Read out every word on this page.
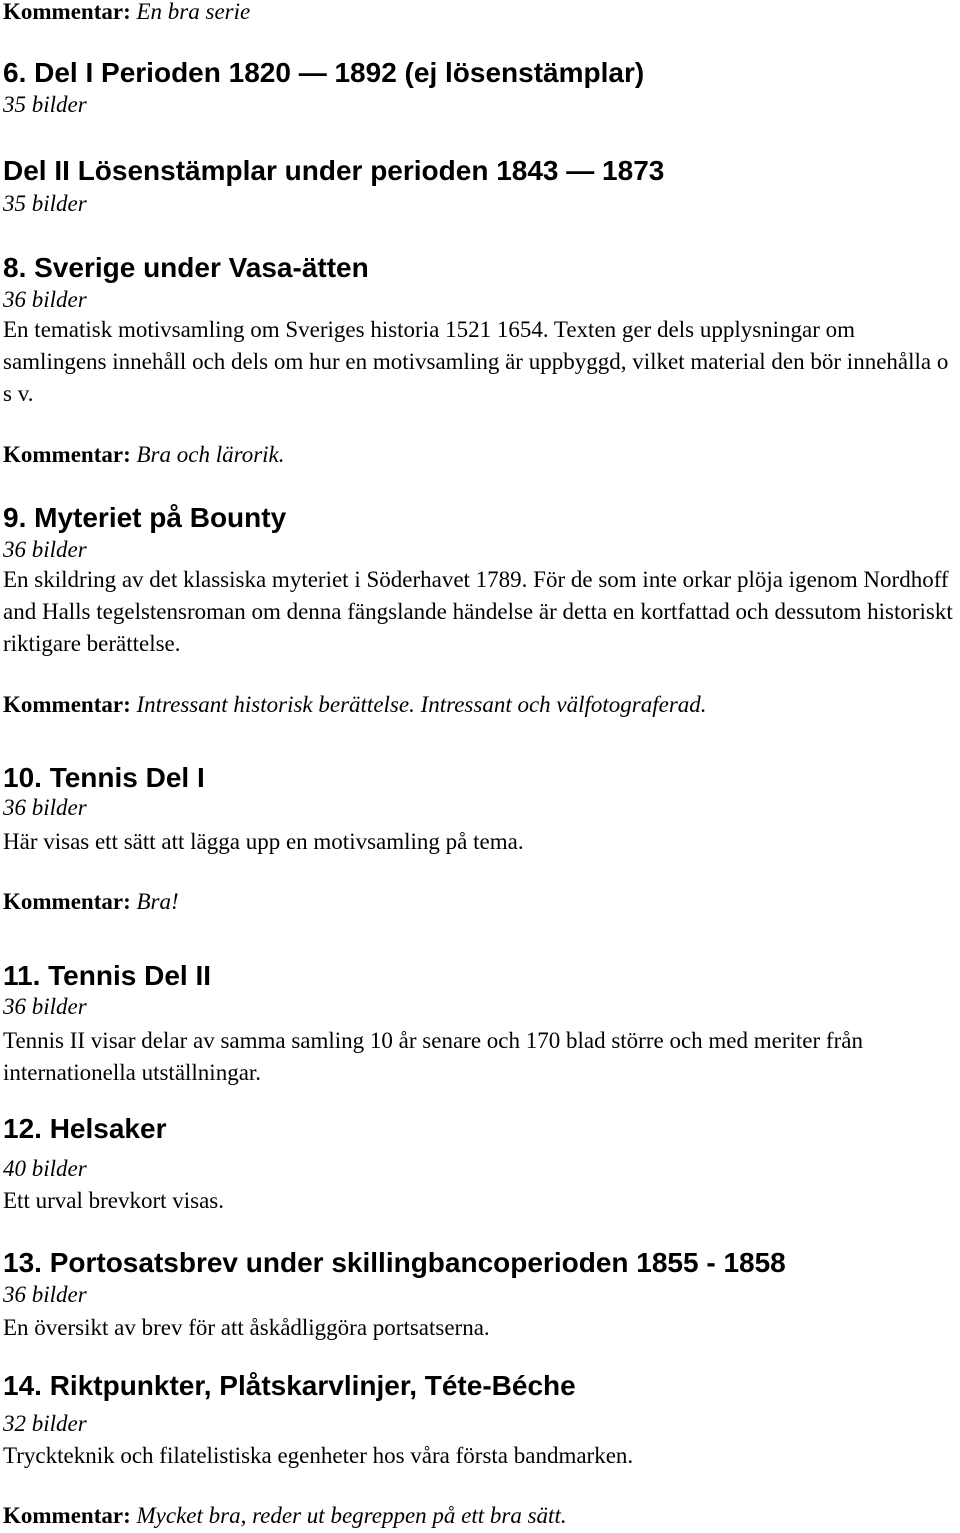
Kommentar: En bra serie
6. Del I Perioden 1820 — 1892 (ej lösenstämplar)
35 bilder
Del II Lösenstämplar under perioden 1843 — 1873
35 bilder
8. Sverige under Vasa-ätten
36 bilder
En tematisk motivsamling om Sveriges historia 1521 1654. Texten ger dels upplysningar om samlingens innehåll och dels om hur en motivsamling är uppbyggd, vilket material den bör innehålla o s v.
Kommentar: Bra och lärorik.
9. Myteriet på Bounty
36 bilder
En skildring av det klassiska myteriet i Söderhavet 1789. För de som inte orkar plöja igenom Nordhoff and Halls tegelstensroman om denna fängslande händelse är detta en kortfattad och dessutom historiskt riktigare berättelse.
Kommentar: Intressant historisk berättelse. Intressant och välfotograferad.
10. Tennis Del I
36 bilder
Här visas ett sätt att lägga upp en motivsamling på tema.
Kommentar: Bra!
11. Tennis Del II
36 bilder
Tennis II visar delar av samma samling 10 år senare och 170 blad större och med meriter från internationella utställningar.
12. Helsaker
40 bilder
Ett urval brevkort visas.
13. Portosatsbrev under skillingbancoperioden 1855 - 1858
36 bilder
En översikt av brev för att åskådliggöra portsatserna.
14. Riktpunkter, Plåtskarvlinjer, Téte-Béche
32 bilder
Tryckteknik och filatelistiska egenheter hos våra första bandmarken.
Kommentar: Mycket bra, reder ut begreppen på ett bra sätt.
